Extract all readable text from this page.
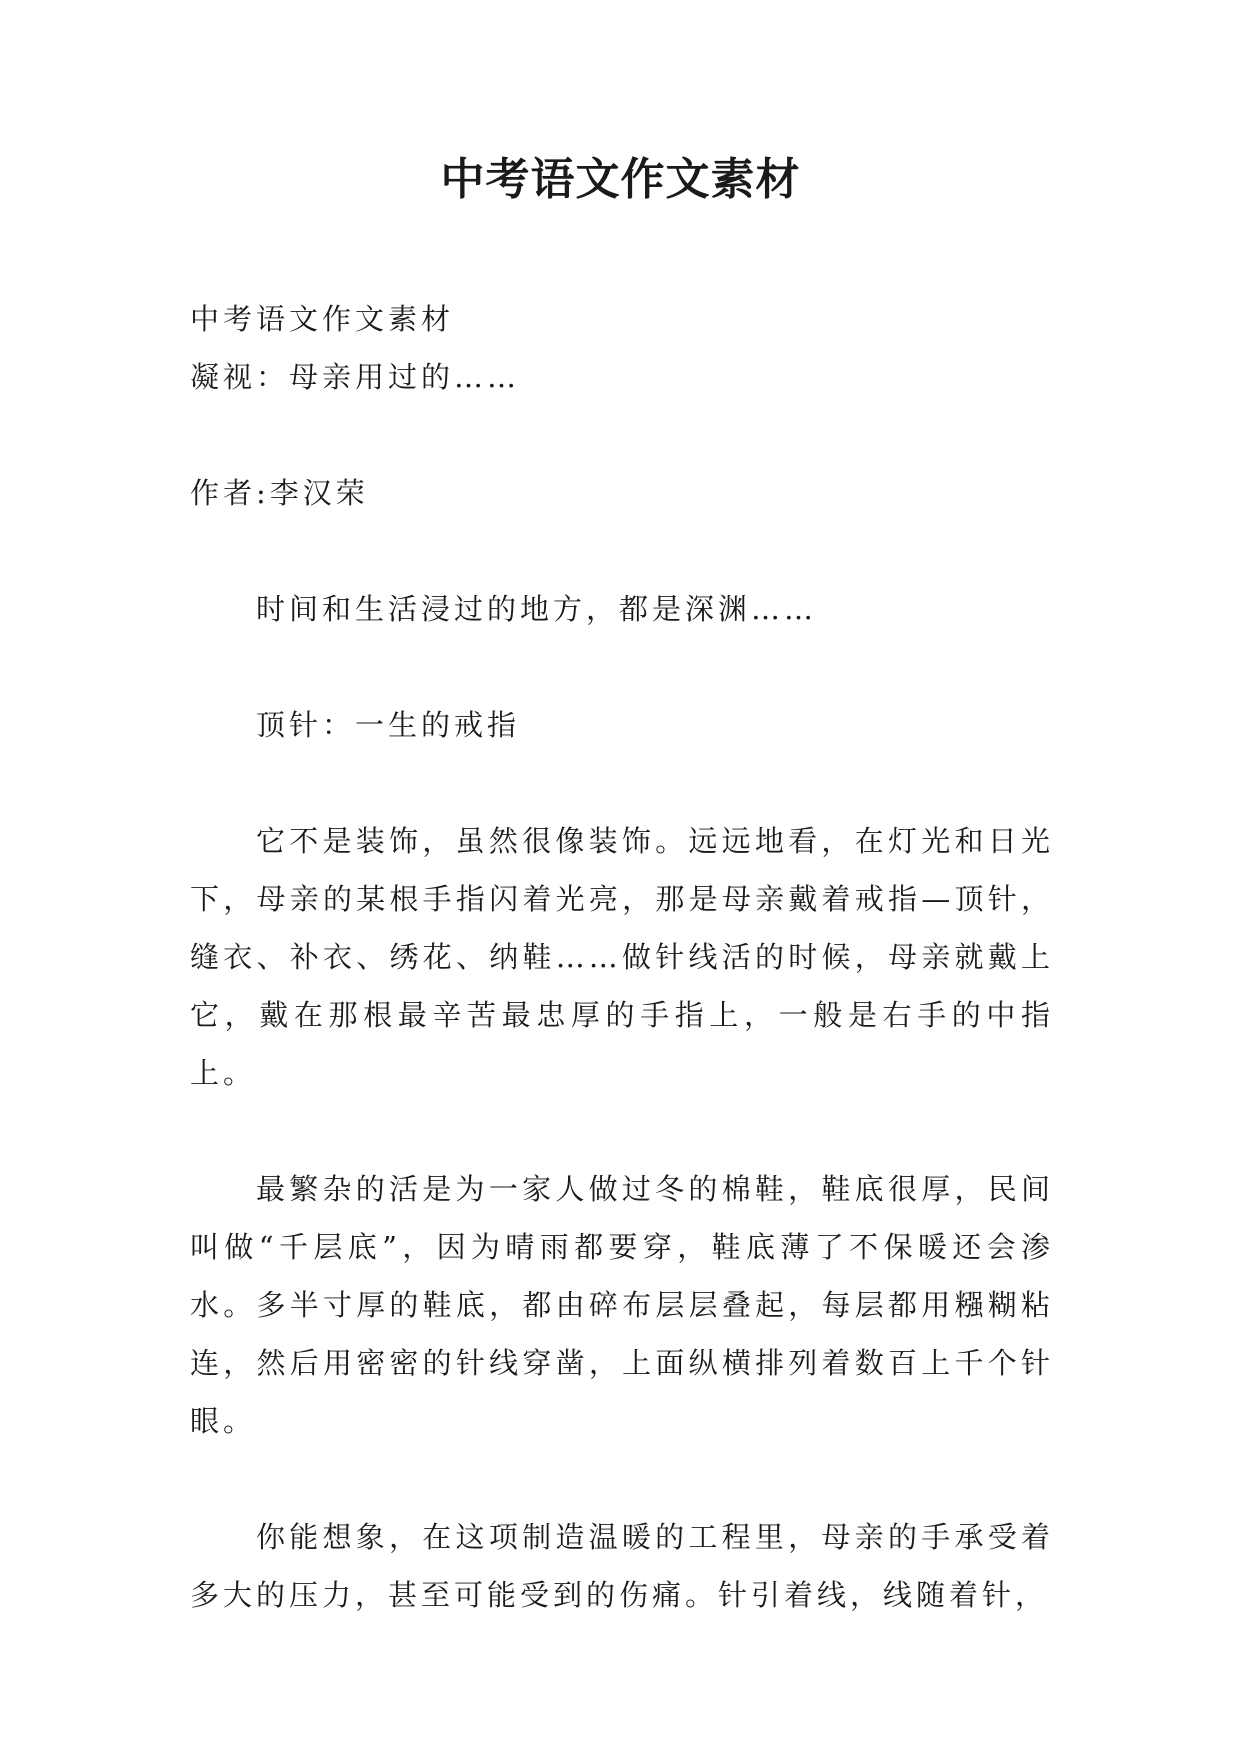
中考语文作文素材

中考语文作文素材

凝视：母亲用过的……

作者:李汉荣

时间和生活浸过的地方，都是深渊……

顶针：一生的戒指

它不是装饰，虽然很像装饰。远远地看，在灯光和日光下，母亲的某根手指闪着光亮，那是母亲戴着戒指—顶针，缝衣、补衣、绣花、纳鞋……做针线活的时候，母亲就戴上它，戴在那根最辛苦最忠厚的手指上，一般是右手的中指上。

最繁杂的活是为一家人做过冬的棉鞋，鞋底很厚，民间叫做“千层底”，因为晴雨都要穿，鞋底薄了不保暖还会渗水。多半寸厚的鞋底，都由碎布层层叠起，每层都用糨糊粘连，然后用密密的针线穿凿，上面纵横排列着数百上千个针眼。

你能想象，在这项制造温暖的工程里，母亲的手承受着多大的压力，甚至可能受到的伤痛。针引着线，线随着针，
